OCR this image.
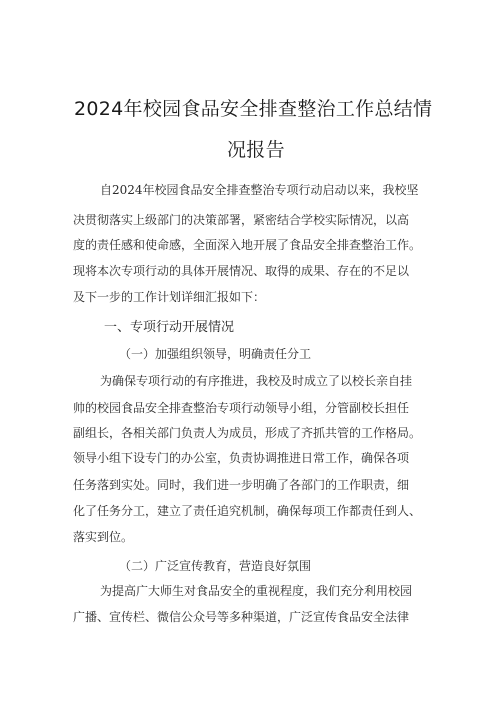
2024年校园食品安全排查整治工作总结情
况报告
自2024年校园食品安全排查整治专项行动启动以来，我校坚
决贯彻落实上级部门的决策部署，紧密结合学校实际情况，以高
度的责任感和使命感，全面深入地开展了食品安全排查整治工作。
现将本次专项行动的具体开展情况、取得的成果、存在的不足以
及下一步的工作计划详细汇报如下：
一、专项行动开展情况
（一）加强组织领导，明确责任分工
为确保专项行动的有序推进，我校及时成立了以校长亲自挂
帅的校园食品安全排查整治专项行动领导小组，分管副校长担任
副组长，各相关部门负责人为成员，形成了齐抓共管的工作格局。
领导小组下设专门的办公室，负责协调推进日常工作，确保各项
任务落到实处。同时，我们进一步明确了各部门的工作职责，细
化了任务分工，建立了责任追究机制，确保每项工作都责任到人、
落实到位。
（二）广泛宣传教育，营造良好氛围
为提高广大师生对食品安全的重视程度，我们充分利用校园
广播、宣传栏、微信公众号等多种渠道，广泛宣传食品安全法律
